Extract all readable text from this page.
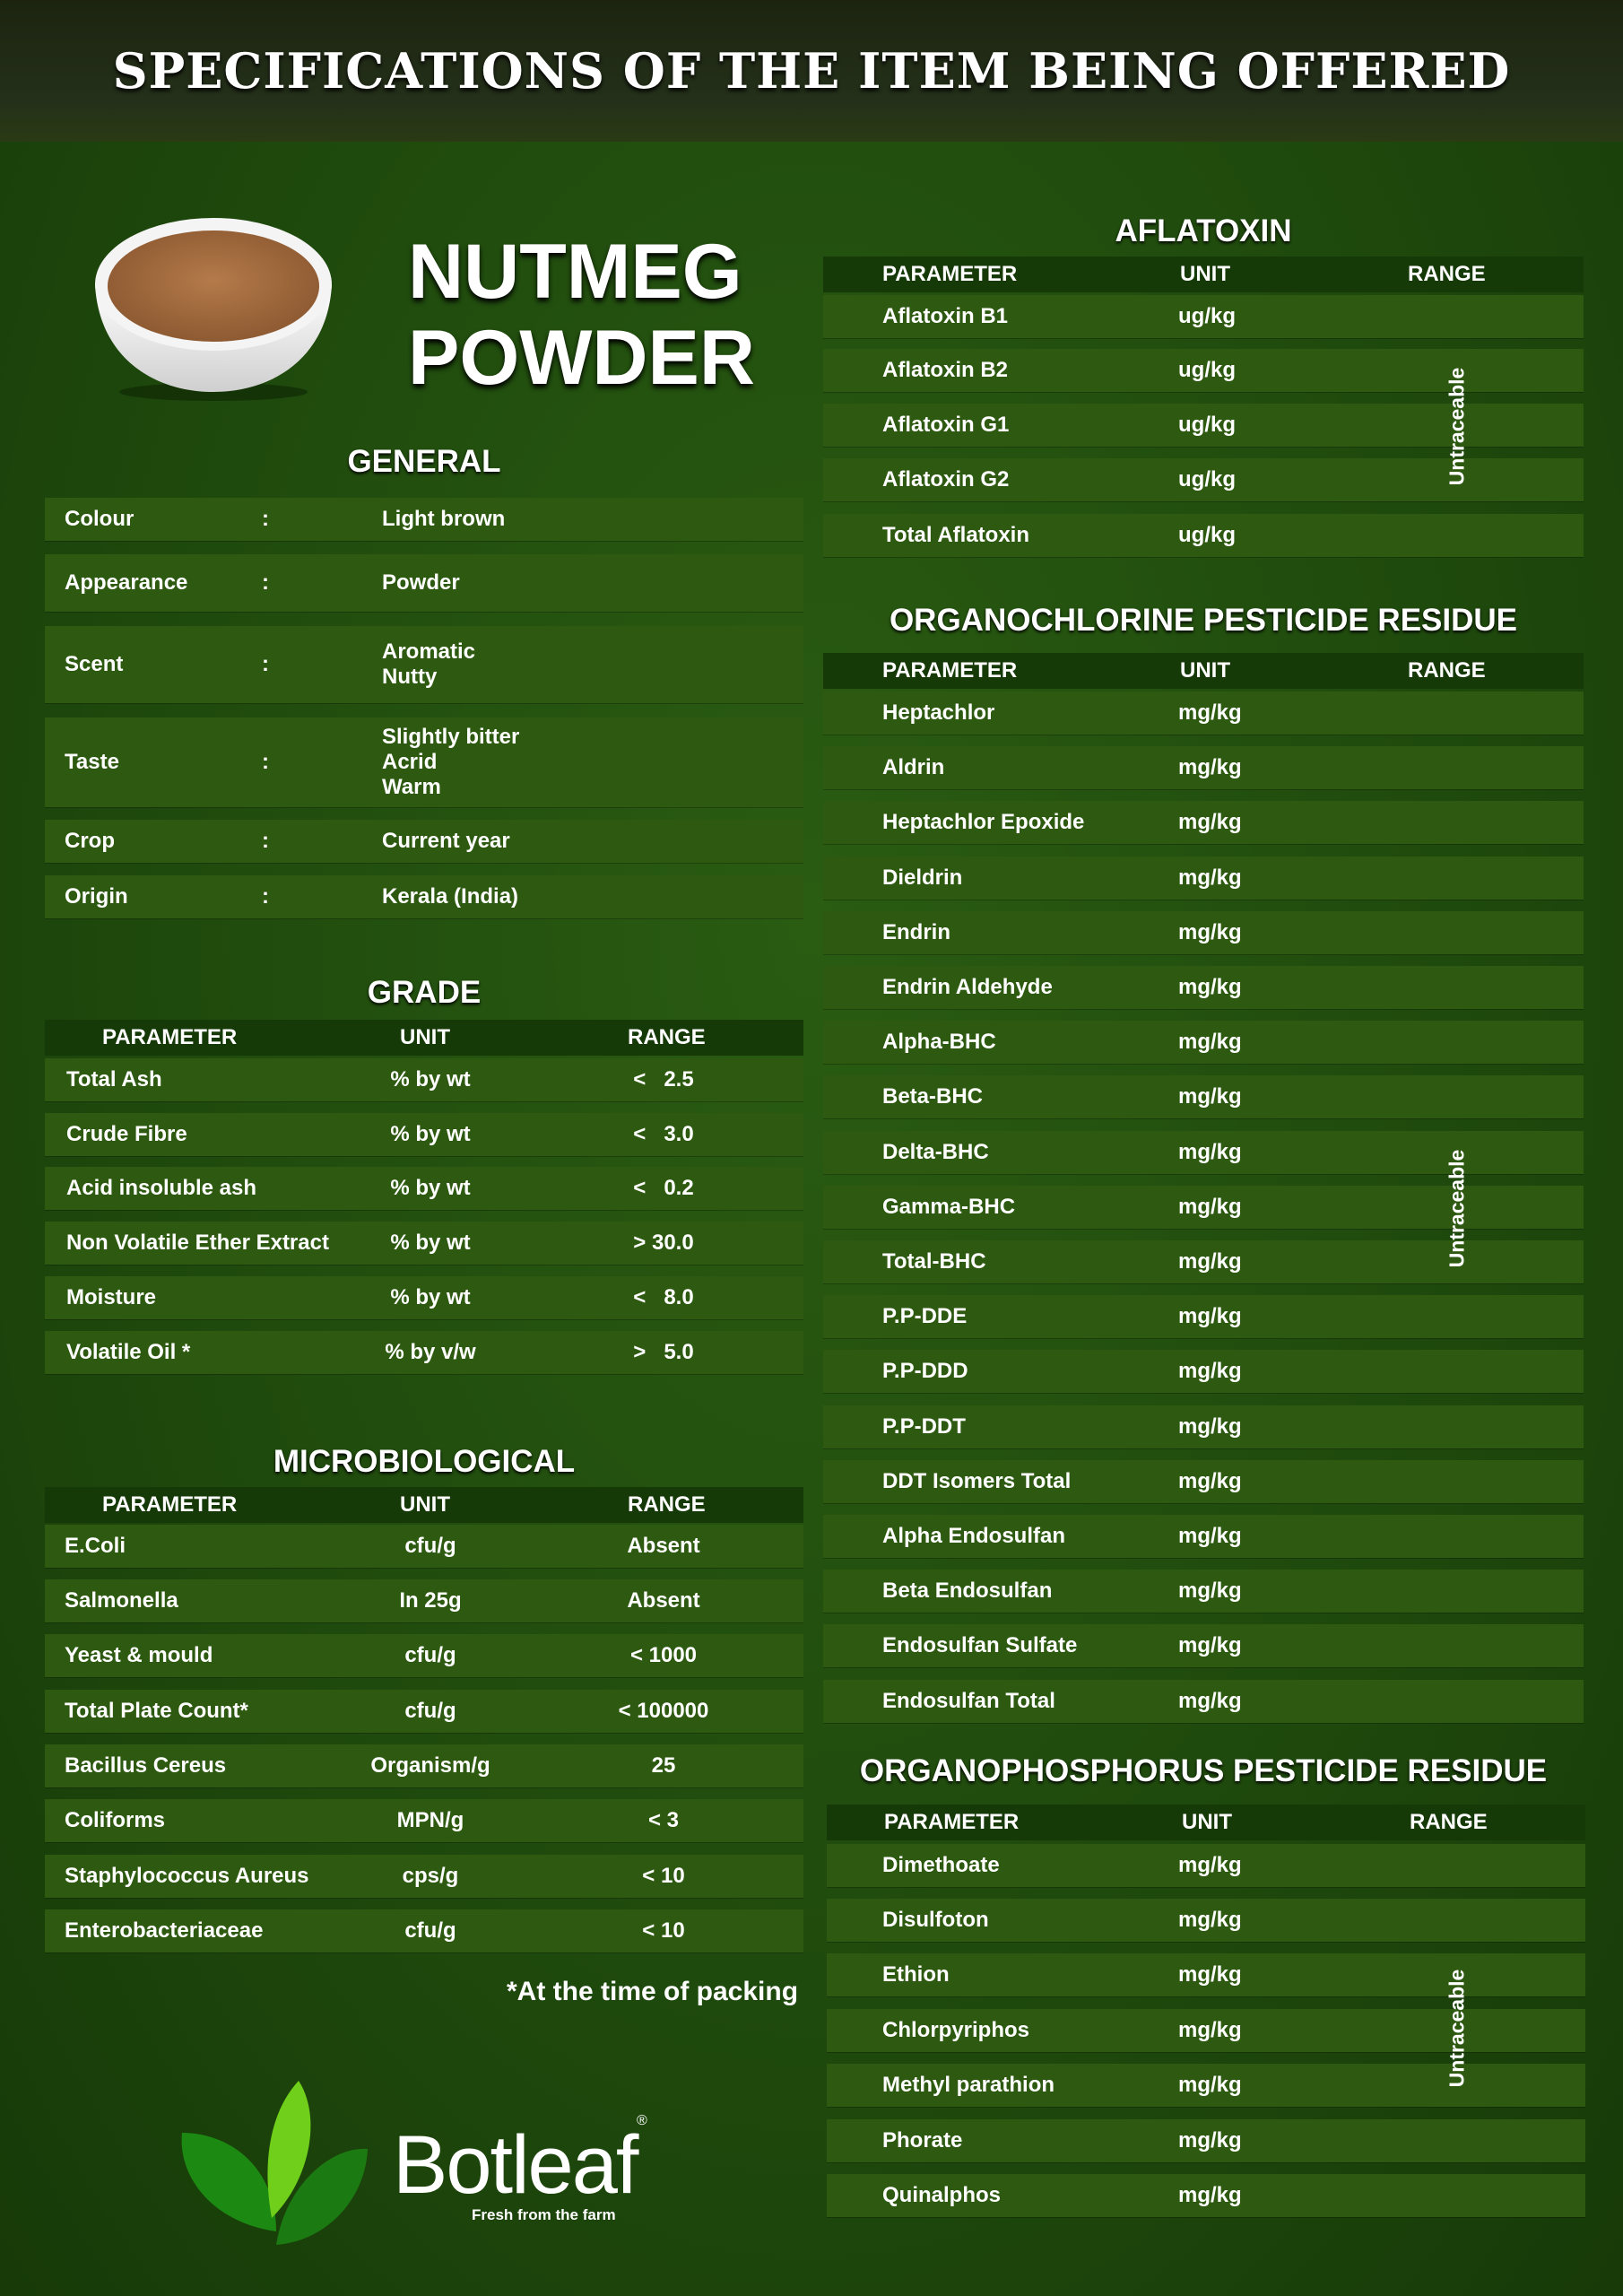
SPECIFICATIONS OF THE ITEM BEING OFFERED
NUTMEG
POWDER
GENERAL
Colour	:	Light brown
Appearance	:	Powder
Scent	:
Aromatic
Nutty
Taste	:
Slightly bitter
Acrid
Warm
Crop	:	Current year
Origin	:	Kerala (India)
GRADE
PARAMETER	UNIT	RANGE
Total Ash	% by wt	<   2.5
Crude Fibre	% by wt	<   3.0
Acid insoluble ash	% by wt	<   0.2
Non Volatile Ether Extract	% by wt	> 30.0
Moisture	% by wt	<   8.0
Volatile Oil *	% by v/w	>   5.0
MICROBIOLOGICAL
PARAMETER	UNIT	RANGE
E.Coli	cfu/g	Absent
Salmonella	In 25g	Absent
Yeast & mould	cfu/g	< 1000
Total Plate Count*	cfu/g	< 100000
Bacillus Cereus	Organism/g	25
Coliforms	MPN/g	< 3
Staphylococcus Aureus	cps/g	< 10
Enterobacteriaceae	cfu/g	< 10
*At the time of packing
Botleaf ®
Fresh from the farm
AFLATOXIN
PARAMETER	UNIT	RANGE
Aflatoxin B1	ug/kg
Aflatoxin B2	ug/kg
Aflatoxin G1	ug/kg
Aflatoxin G2	ug/kg
Total Aflatoxin	ug/kg
Untraceable
ORGANOCHLORINE PESTICIDE RESIDUE
PARAMETER	UNIT	RANGE
Heptachlor	mg/kg
Aldrin	mg/kg
Heptachlor Epoxide	mg/kg
Dieldrin	mg/kg
Endrin	mg/kg
Endrin Aldehyde	mg/kg
Alpha-BHC	mg/kg
Beta-BHC	mg/kg
Delta-BHC	mg/kg
Gamma-BHC	mg/kg
Total-BHC	mg/kg
P.P-DDE	mg/kg
P.P-DDD	mg/kg
P.P-DDT	mg/kg
DDT Isomers Total	mg/kg
Alpha Endosulfan	mg/kg
Beta Endosulfan	mg/kg
Endosulfan Sulfate	mg/kg
Endosulfan Total	mg/kg
Untraceable
ORGANOPHOSPHORUS PESTICIDE RESIDUE
PARAMETER	UNIT	RANGE
Dimethoate	mg/kg
Disulfoton	mg/kg
Ethion	mg/kg
Chlorpyriphos	mg/kg
Methyl parathion	mg/kg
Phorate	mg/kg
Quinalphos	mg/kg
Untraceable
